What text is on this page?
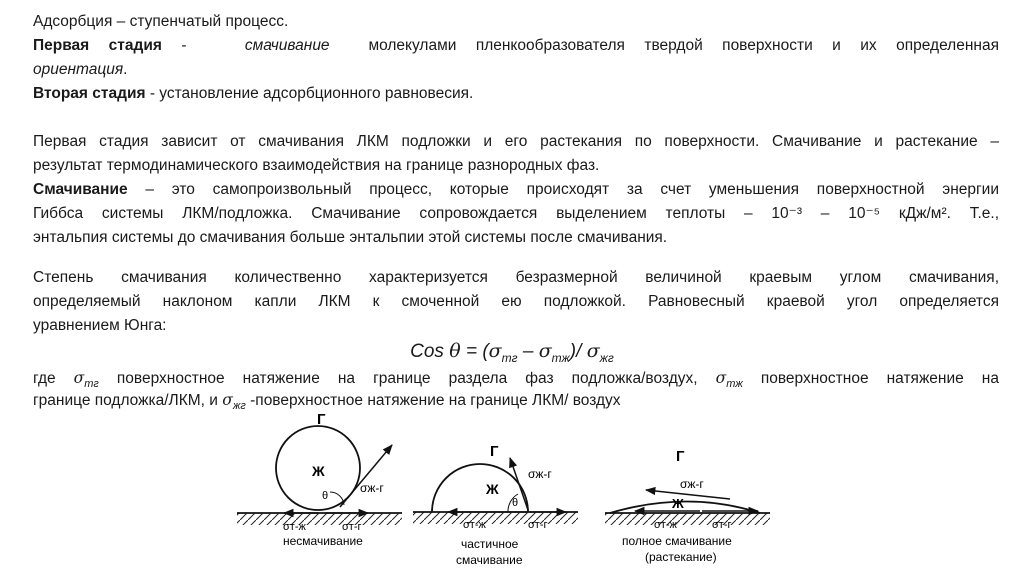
Адсорбция – ступенчатый процесс.
Первая стадия -	смачивание	молекулами пленкообразователя твердой поверхности и их определенная
ориентация.
Вторая стадия - установление адсорбционного равновесия.
Первая стадия зависит от смачивания ЛКМ подложки и его растекания по поверхности. Смачивание и растекание –
результат термодинамического взаимодействия на границе разнородных фаз.
Смачивание – это самопроизвольный процесс, которые происходят за счет уменьшения поверхностной энергии
Гиббса системы ЛКМ/подложка. Смачивание сопровождается выделением теплоты – 10⁻³ – 10⁻⁵ кДж/м². Т.е.,
энтальпия системы до смачивания больше энтальпии этой системы после смачивания.
Степень смачивания количественно характеризуется безразмерной величиной краевым углом смачивания,
определяемый наклоном капли ЛКМ к смоченной ею подложкой. Равновесный краевой угол определяется
уравнением Юнга:
Cos $\theta = (\sigma_{тг} - \sigma_{тж})/$ $\sigma_{жг}$
где $\sigma_{тг}$ поверхностное натяжение на границе раздела фаз подложка/воздух, $\sigma_{тж}$ поверхностное натяжение на
границе подложка/ЛКМ, и $\sigma_{жг}$ -поверхностное натяжение на границе ЛКМ/ воздух
Г
Ж
θ
σж-г
σт-ж	σт-г
несмачивание
Г
Ж
θ
σж-г
σт-ж	σт-г
частичное
смачивание
Г
Ж
σж-г
σт-ж	σт-г
полное смачивание
(растекание)
